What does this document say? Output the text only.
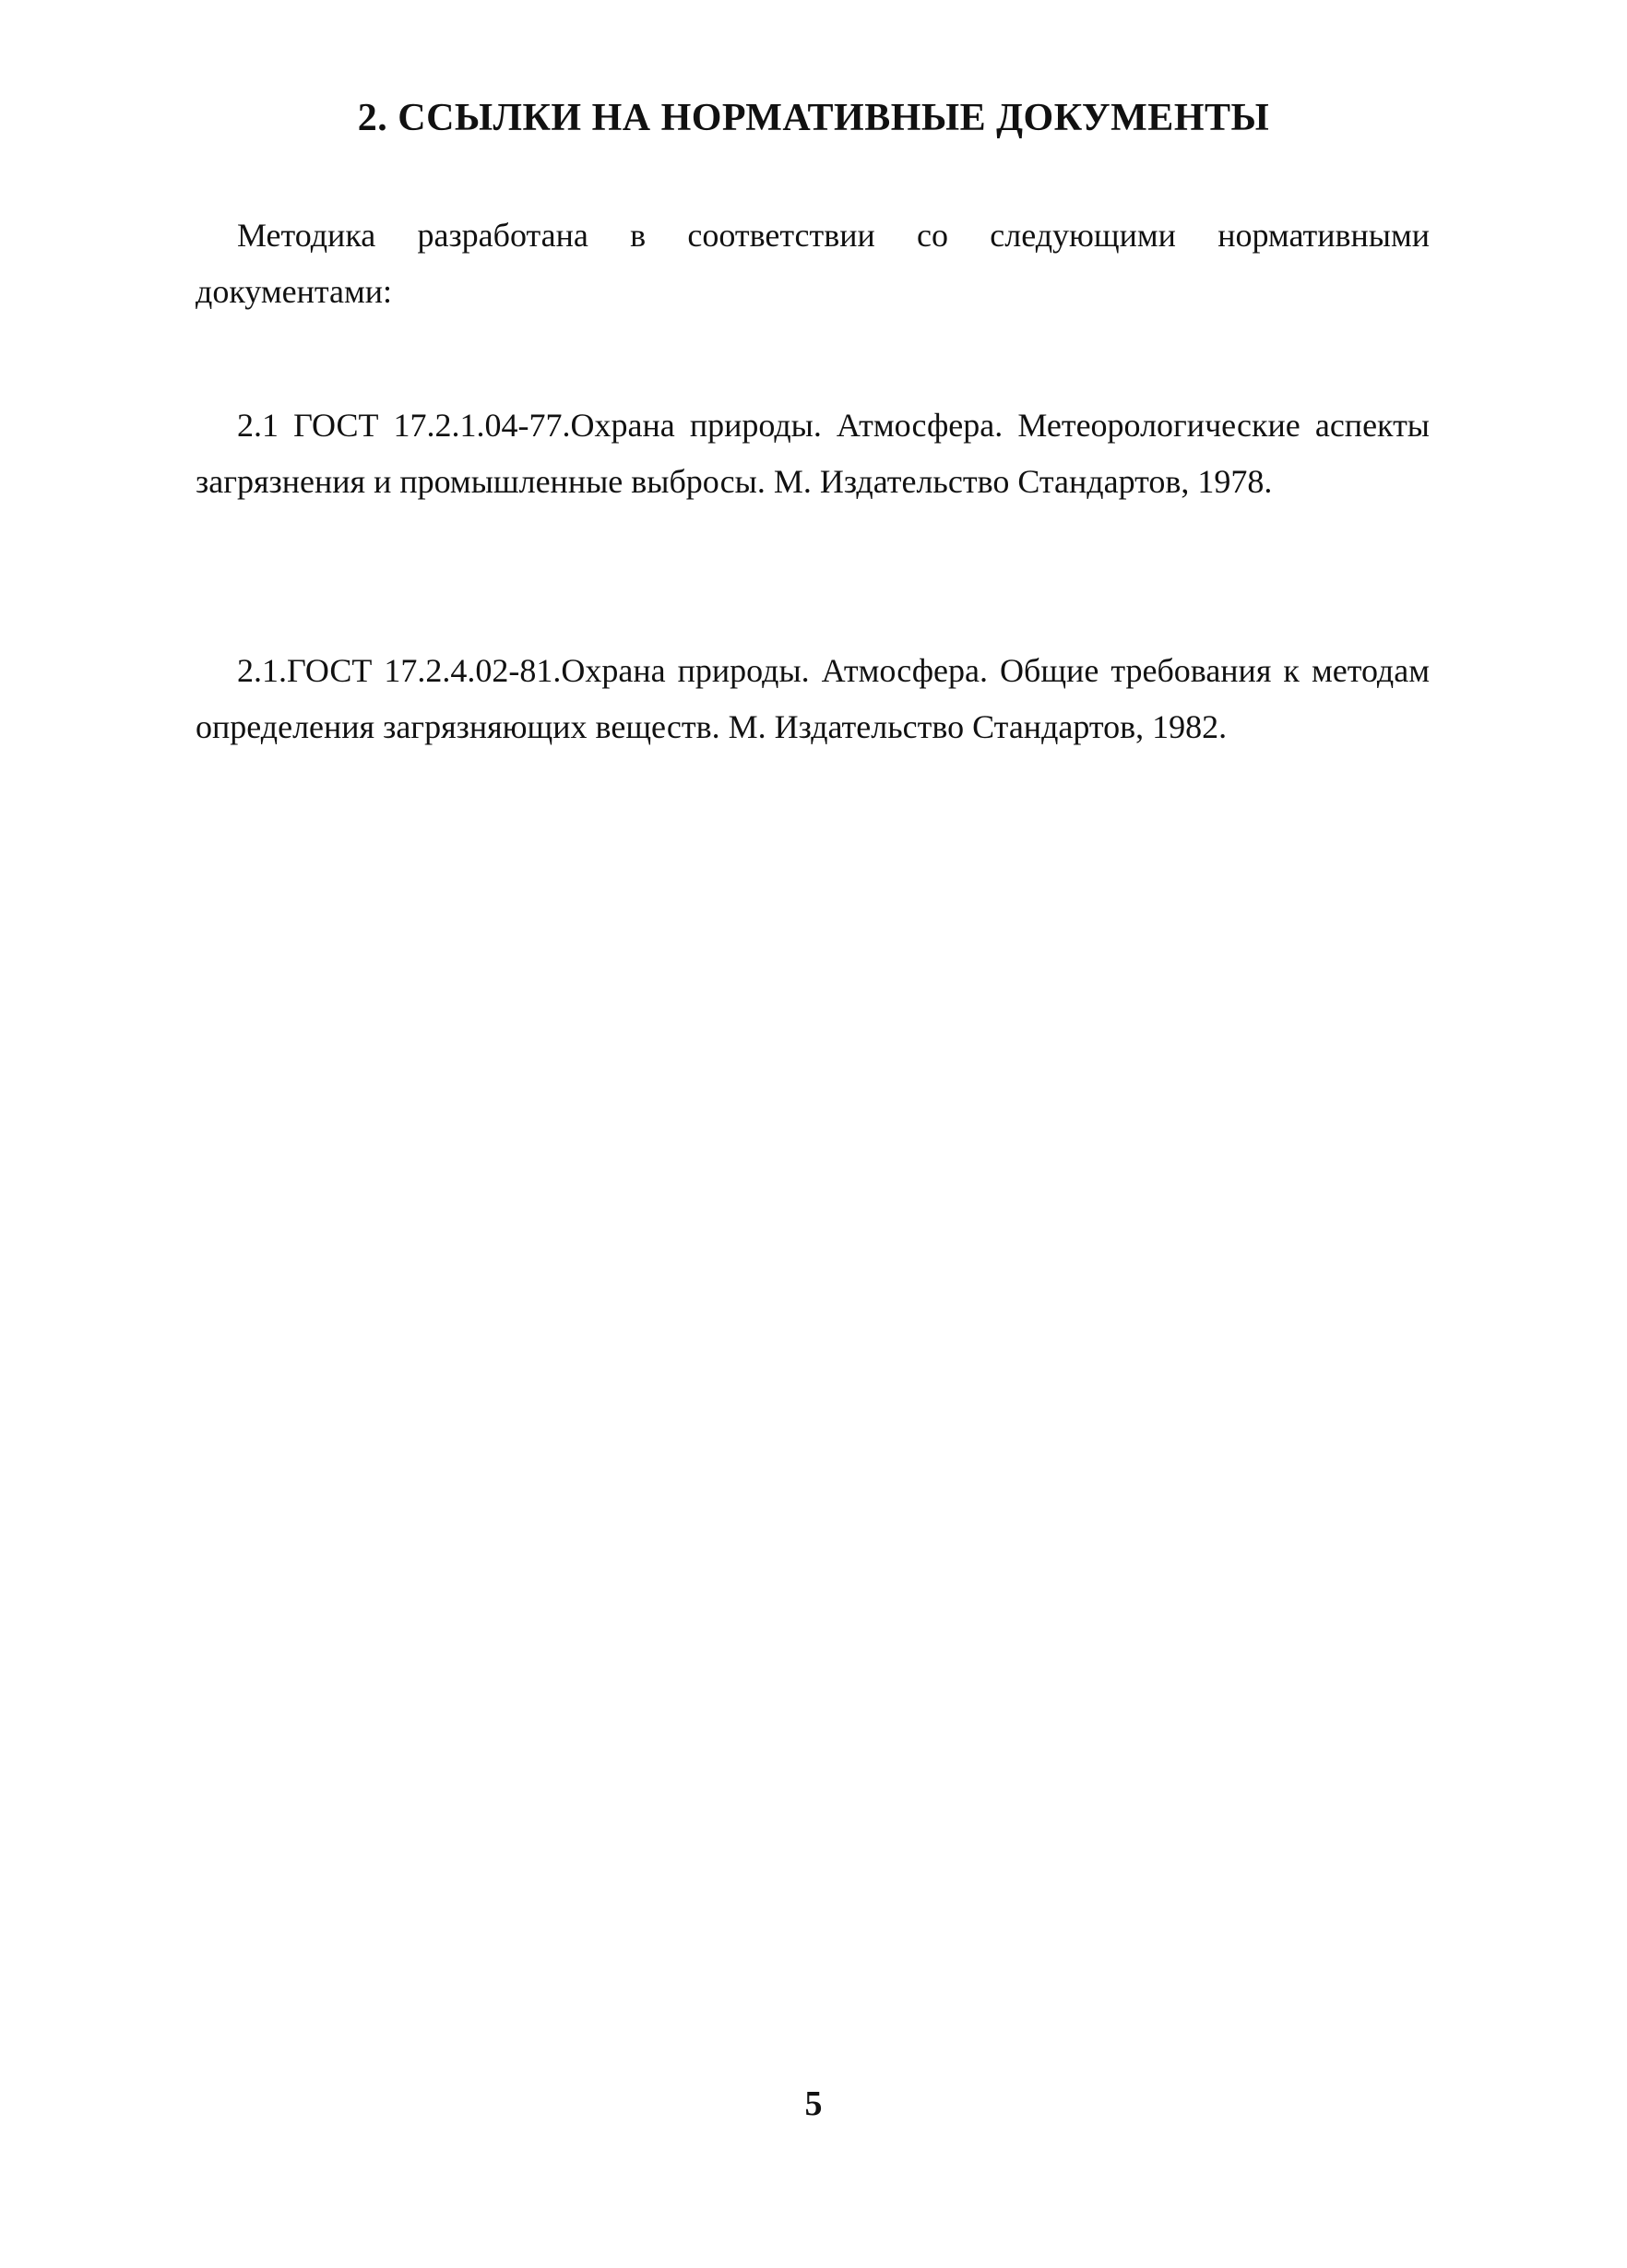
2. ССЫЛКИ НА НОРМАТИВНЫЕ ДОКУМЕНТЫ

Методика разработана в соответствии со следующими нормативными документами:

2.1 ГОСТ 17.2.1.04-77.Охрана природы. Атмосфера. Метеорологические аспекты загрязнения и промышленные выбросы. М. Издательство Стандартов, 1978.

2.1.ГОСТ 17.2.4.02-81.Охрана природы. Атмосфера. Общие требования к методам определения загрязняющих веществ. М. Издательство Стандартов, 1982.

5
